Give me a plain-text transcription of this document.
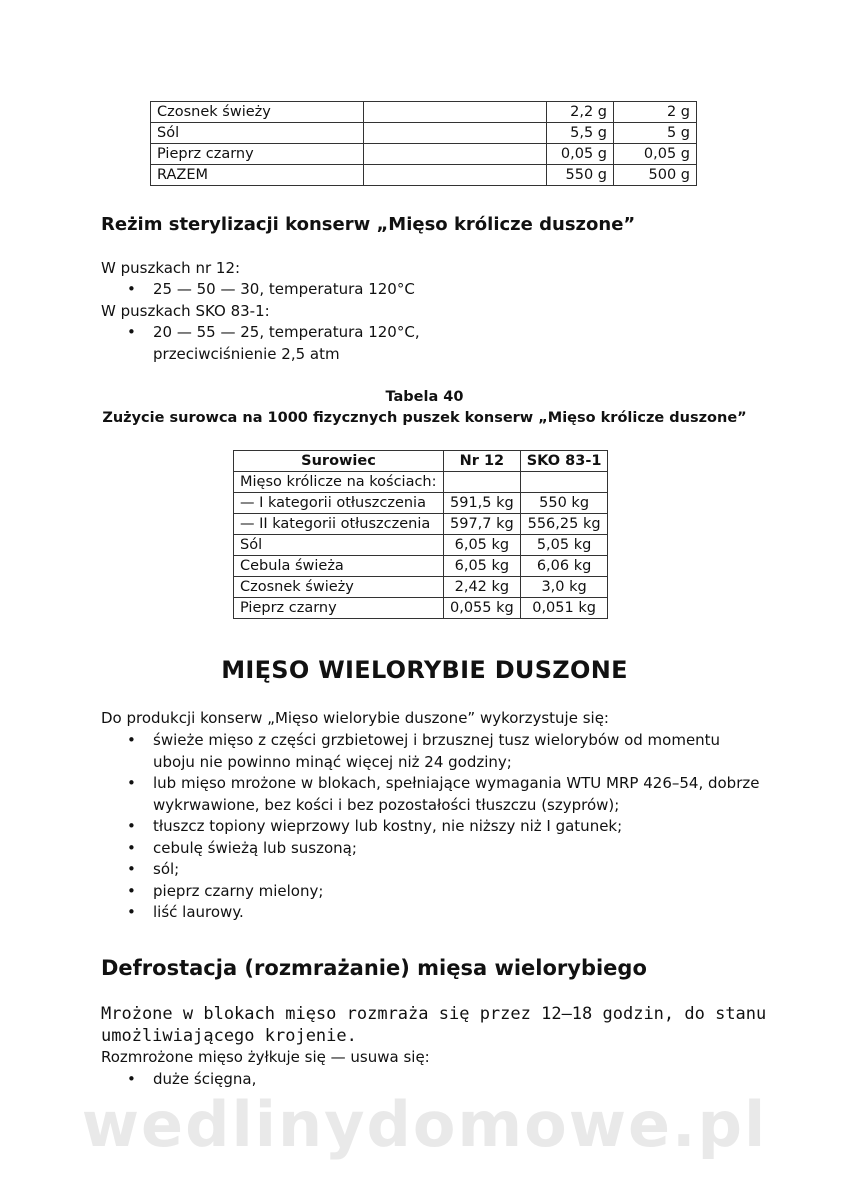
Czosnek świeży		2,2 g	2 g
Sól		5,5 g	5 g
Pieprz czarny		0,05 g	0,05 g
RAZEM		550 g	500 g
Reżim sterylizacji konserw „Mięso królicze duszone”

W puszkach nr 12:

• 25 — 50 — 30, temperatura 120°C

W puszkach SKO 83-1:

• 20 — 55 — 25, temperatura 120°C,
przeciwciśnienie 2,5 atm

Tabela 40

Zużycie surowca na 1000 fizycznych puszek konserw „Mięso królicze duszone”

Surowiec	Nr 12	SKO 83-1
Mięso królicze na kościach:		
— I kategorii otłuszczenia	591,5 kg	550 kg
— II kategorii otłuszczenia	597,7 kg	556,25 kg
Sól	6,05 kg	5,05 kg
Cebula świeża	6,05 kg	6,06 kg
Czosnek świeży	2,42 kg	3,0 kg
Pieprz czarny	0,055 kg	0,051 kg
MIĘSO WIELORYBIE DUSZONE

Do produkcji konserw „Mięso wielorybie duszone” wykorzystuje się:

• świeże mięso z części grzbietowej i brzusznej tusz wielorybów od momentu
uboju nie powinno minąć więcej niż 24 godziny;
• lub mięso mrożone w blokach, spełniające wymagania WTU MRP 426–54, dobrze
wykrwawione, bez kości i bez pozostałości tłuszczu (szyprów);
• tłuszcz topiony wieprzowy lub kostny, nie niższy niż I gatunek;
• cebulę świeżą lub suszoną;
• sól;
• pieprz czarny mielony;
• liść laurowy.
Defrostacja (rozmrażanie) mięsa wielorybiego

Mrożone w blokach mięso rozmraża się przez 12–18 godzin, do stanu
umożliwiającego krojenie.

Rozmrożone mięso żyłkuje się — usuwa się:

• duże ścięgna,
wedlinydomowe.pl
